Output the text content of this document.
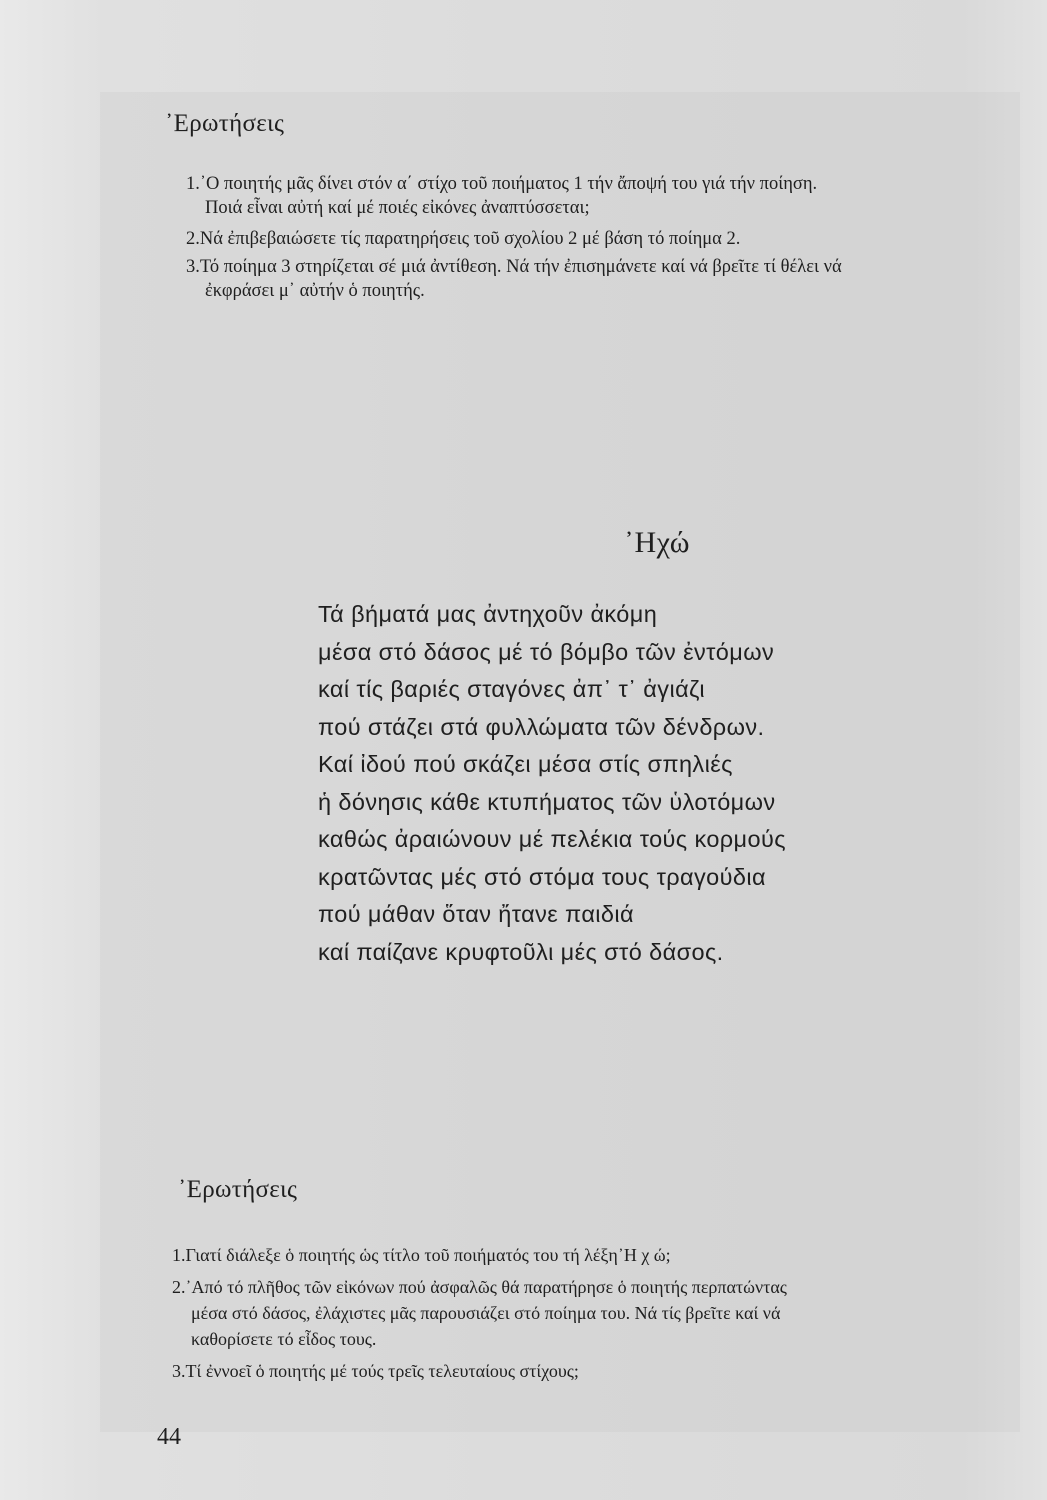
᾿Ερωτήσεις
1.᾿Ο ποιητής μᾶς δίνει στόν α΄ στίχο τοῦ ποιήματος 1 τήν ἄποψή του γιά τήν ποίηση.
Ποιά εἶναι αὐτή καί μέ ποιές εἰκόνες ἀναπτύσσεται;
2.Νά ἐπιβεβαιώσετε τίς παρατηρήσεις τοῦ σχολίου 2 μέ βάση τό ποίημα 2.
3.Τό ποίημα 3 στηρίζεται σέ μιά ἀντίθεση. Νά τήν ἐπισημάνετε καί νά βρεῖτε τί θέλει νά
ἐκφράσει μ᾿ αὐτήν ὁ ποιητής.
᾿Ηχώ
Τά βήματά μας ἀντηχοῦν ἀκόμη
μέσα στό δάσος μέ τό βόμβο τῶν ἐντόμων
καί τίς βαριές σταγόνες ἀπ᾿ τ᾿ ἀγιάζι
πού στάζει στά φυλλώματα τῶν δένδρων.
Καί ἰδού πού σκάζει μέσα στίς σπηλιές
ἡ δόνησις κάθε κτυπήματος τῶν ὑλοτόμων
καθώς ἀραιώνουν μέ πελέκια τούς κορμούς
κρατῶντας μές στό στόμα τους τραγούδια
πού μάθαν ὅταν ἤτανε παιδιά
καί παίζανε κρυφτοῦλι μές στό δάσος.
᾿Ερωτήσεις
1.Γιατί διάλεξε ὁ ποιητής ὡς τίτλο τοῦ ποιήματός του τή λέξη᾿Η χ ώ;
2.᾿Από τό πλῆθος τῶν εἰκόνων πού ἀσφαλῶς θά παρατήρησε ὁ ποιητής περπατώντας
μέσα στό δάσος, ἐλάχιστες μᾶς παρουσιάζει στό ποίημα του. Νά τίς βρεῖτε καί νά
καθορίσετε τό εἶδος τους.
3.Τί ἐννοεῖ ὁ ποιητής μέ τούς τρεῖς τελευταίους στίχους;
44
